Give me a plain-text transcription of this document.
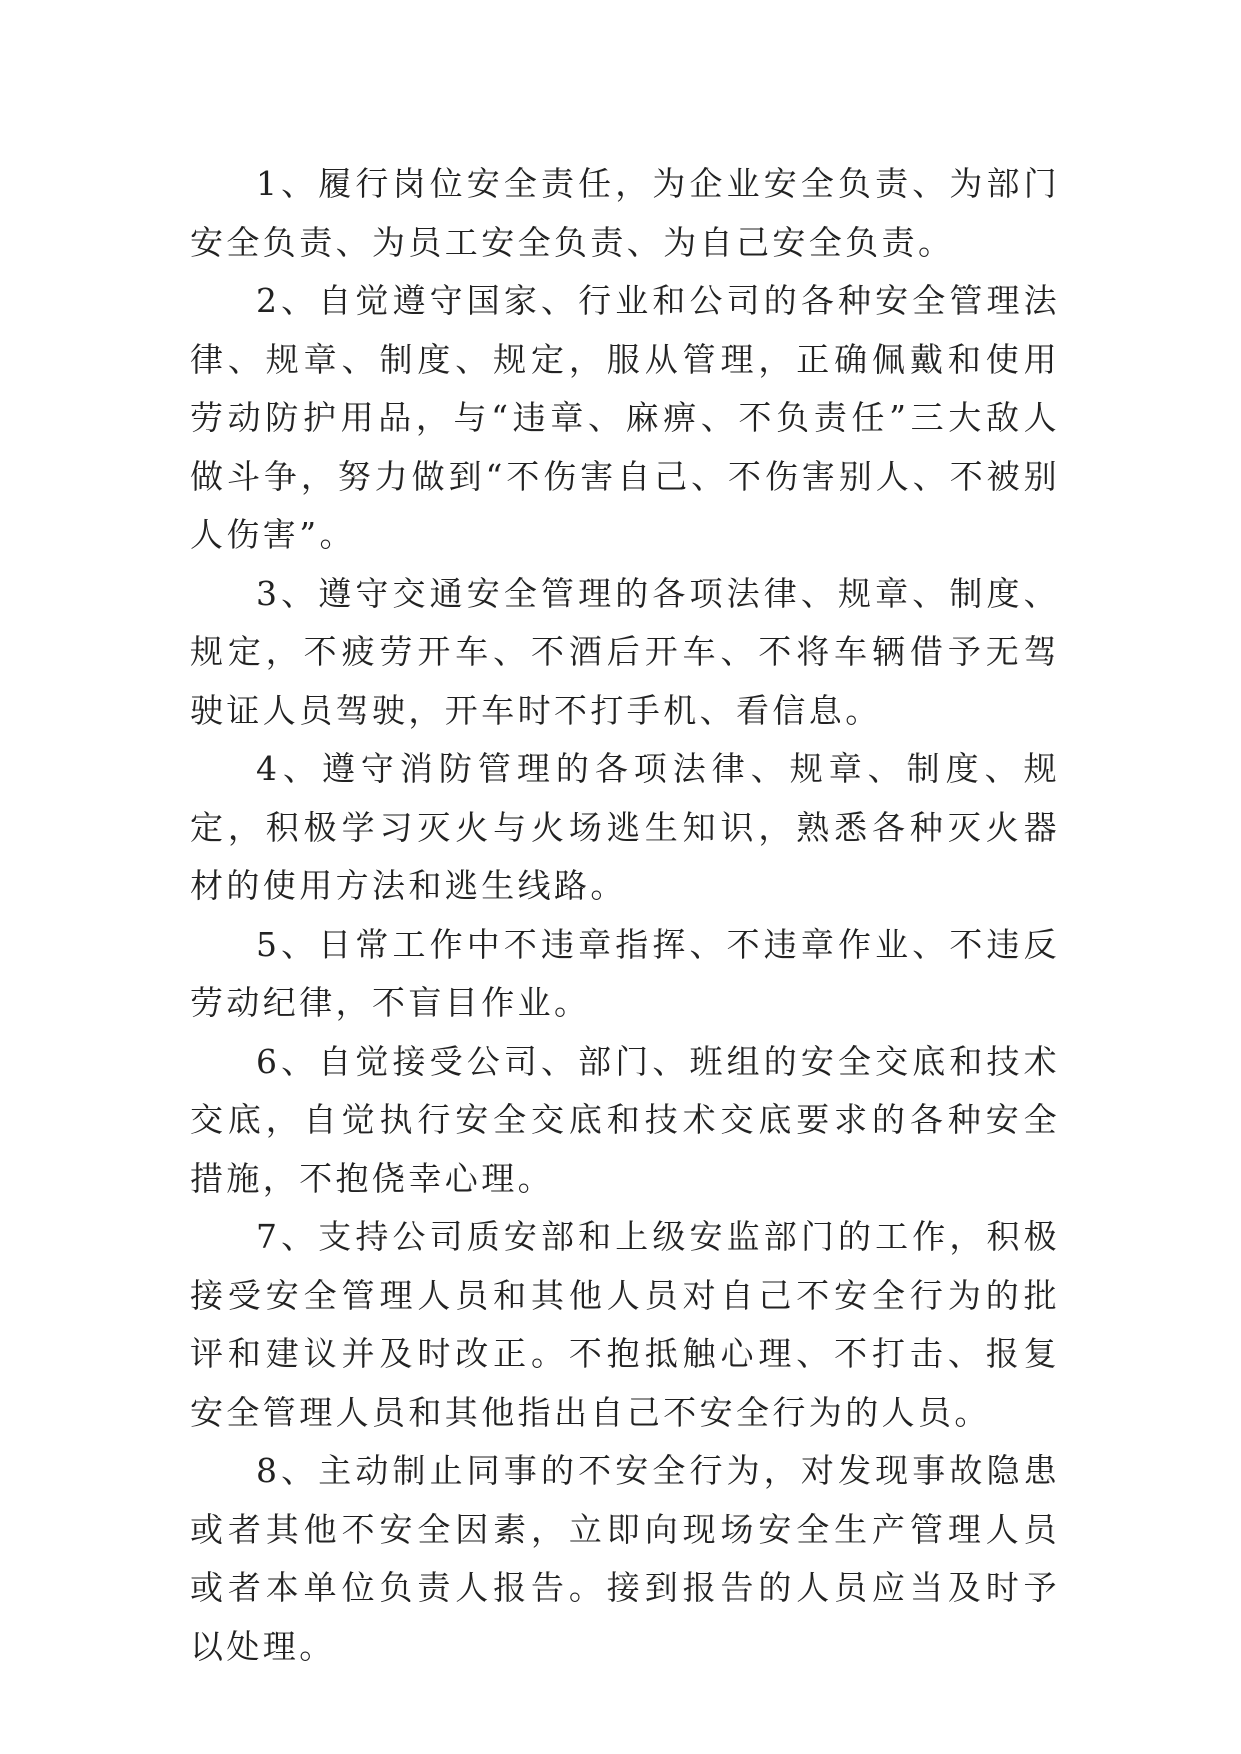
1、履行岗位安全责任，为企业安全负责、为部门安全负责、为员工安全负责、为自己安全负责。

2、自觉遵守国家、行业和公司的各种安全管理法律、规章、制度、规定，服从管理，正确佩戴和使用劳动防护用品，与“违章、麻痹、不负责任”三大敌人做斗争，努力做到“不伤害自己、不伤害别人、不被别人伤害”。

3、遵守交通安全管理的各项法律、规章、制度、规定，不疲劳开车、不酒后开车、不将车辆借予无驾驶证人员驾驶，开车时不打手机、看信息。

4、遵守消防管理的各项法律、规章、制度、规定，积极学习灭火与火场逃生知识，熟悉各种灭火器材的使用方法和逃生线路。

5、日常工作中不违章指挥、不违章作业、不违反劳动纪律，不盲目作业。

6、自觉接受公司、部门、班组的安全交底和技术交底，自觉执行安全交底和技术交底要求的各种安全措施，不抱侥幸心理。

7、支持公司质安部和上级安监部门的工作，积极接受安全管理人员和其他人员对自己不安全行为的批评和建议并及时改正。不抱抵触心理、不打击、报复安全管理人员和其他指出自己不安全行为的人员。

8、主动制止同事的不安全行为，对发现事故隐患或者其他不安全因素，立即向现场安全生产管理人员或者本单位负责人报告。接到报告的人员应当及时予以处理。
